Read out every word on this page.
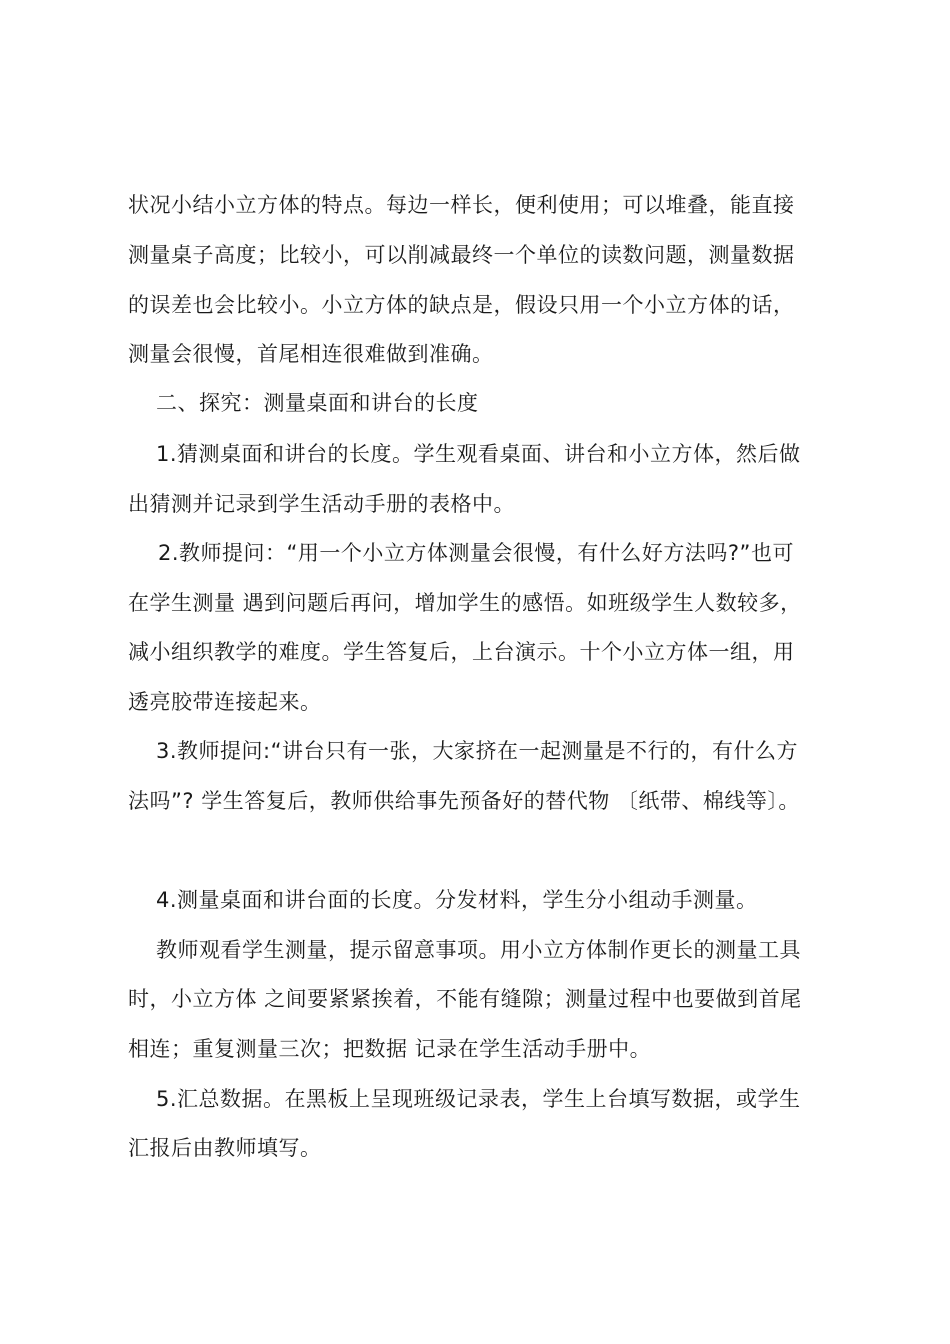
状况小结小立方体的特点。每边一样长，便利使用；可以堆叠，能直接
测量桌子高度；比较小，可以削减最终一个单位的读数问题，测量数据
的误差也会比较小。小立方体的缺点是，假设只用一个小立方体的话，
测量会很慢，首尾相连很难做到准确。
二、探究：测量桌面和讲台的长度
1.猜测桌面和讲台的长度。学生观看桌面、讲台和小立方体，然后做
出猜测并记录到学生活动手册的表格中。
2.教师提问：“用一个小立方体测量会很慢，有什么好方法吗?”也可
在学生测量 遇到问题后再问，增加学生的感悟。如班级学生人数较多，
减小组织教学的难度。学生答复后，上台演示。十个小立方体一组，用
透亮胶带连接起来。
3.教师提问:“讲台只有一张，大家挤在一起测量是不行的，有什么方
法吗”? 学生答复后，教师供给事先预备好的替代物 〔纸带、棉线等〕。
4.测量桌面和讲台面的长度。分发材料，学生分小组动手测量。
教师观看学生测量，提示留意事项。用小立方体制作更长的测量工具
时，小立方体 之间要紧紧挨着，不能有缝隙；测量过程中也要做到首尾
相连；重复测量三次；把数据 记录在学生活动手册中。
5.汇总数据。在黑板上呈现班级记录表，学生上台填写数据，或学生
汇报后由教师填写。
